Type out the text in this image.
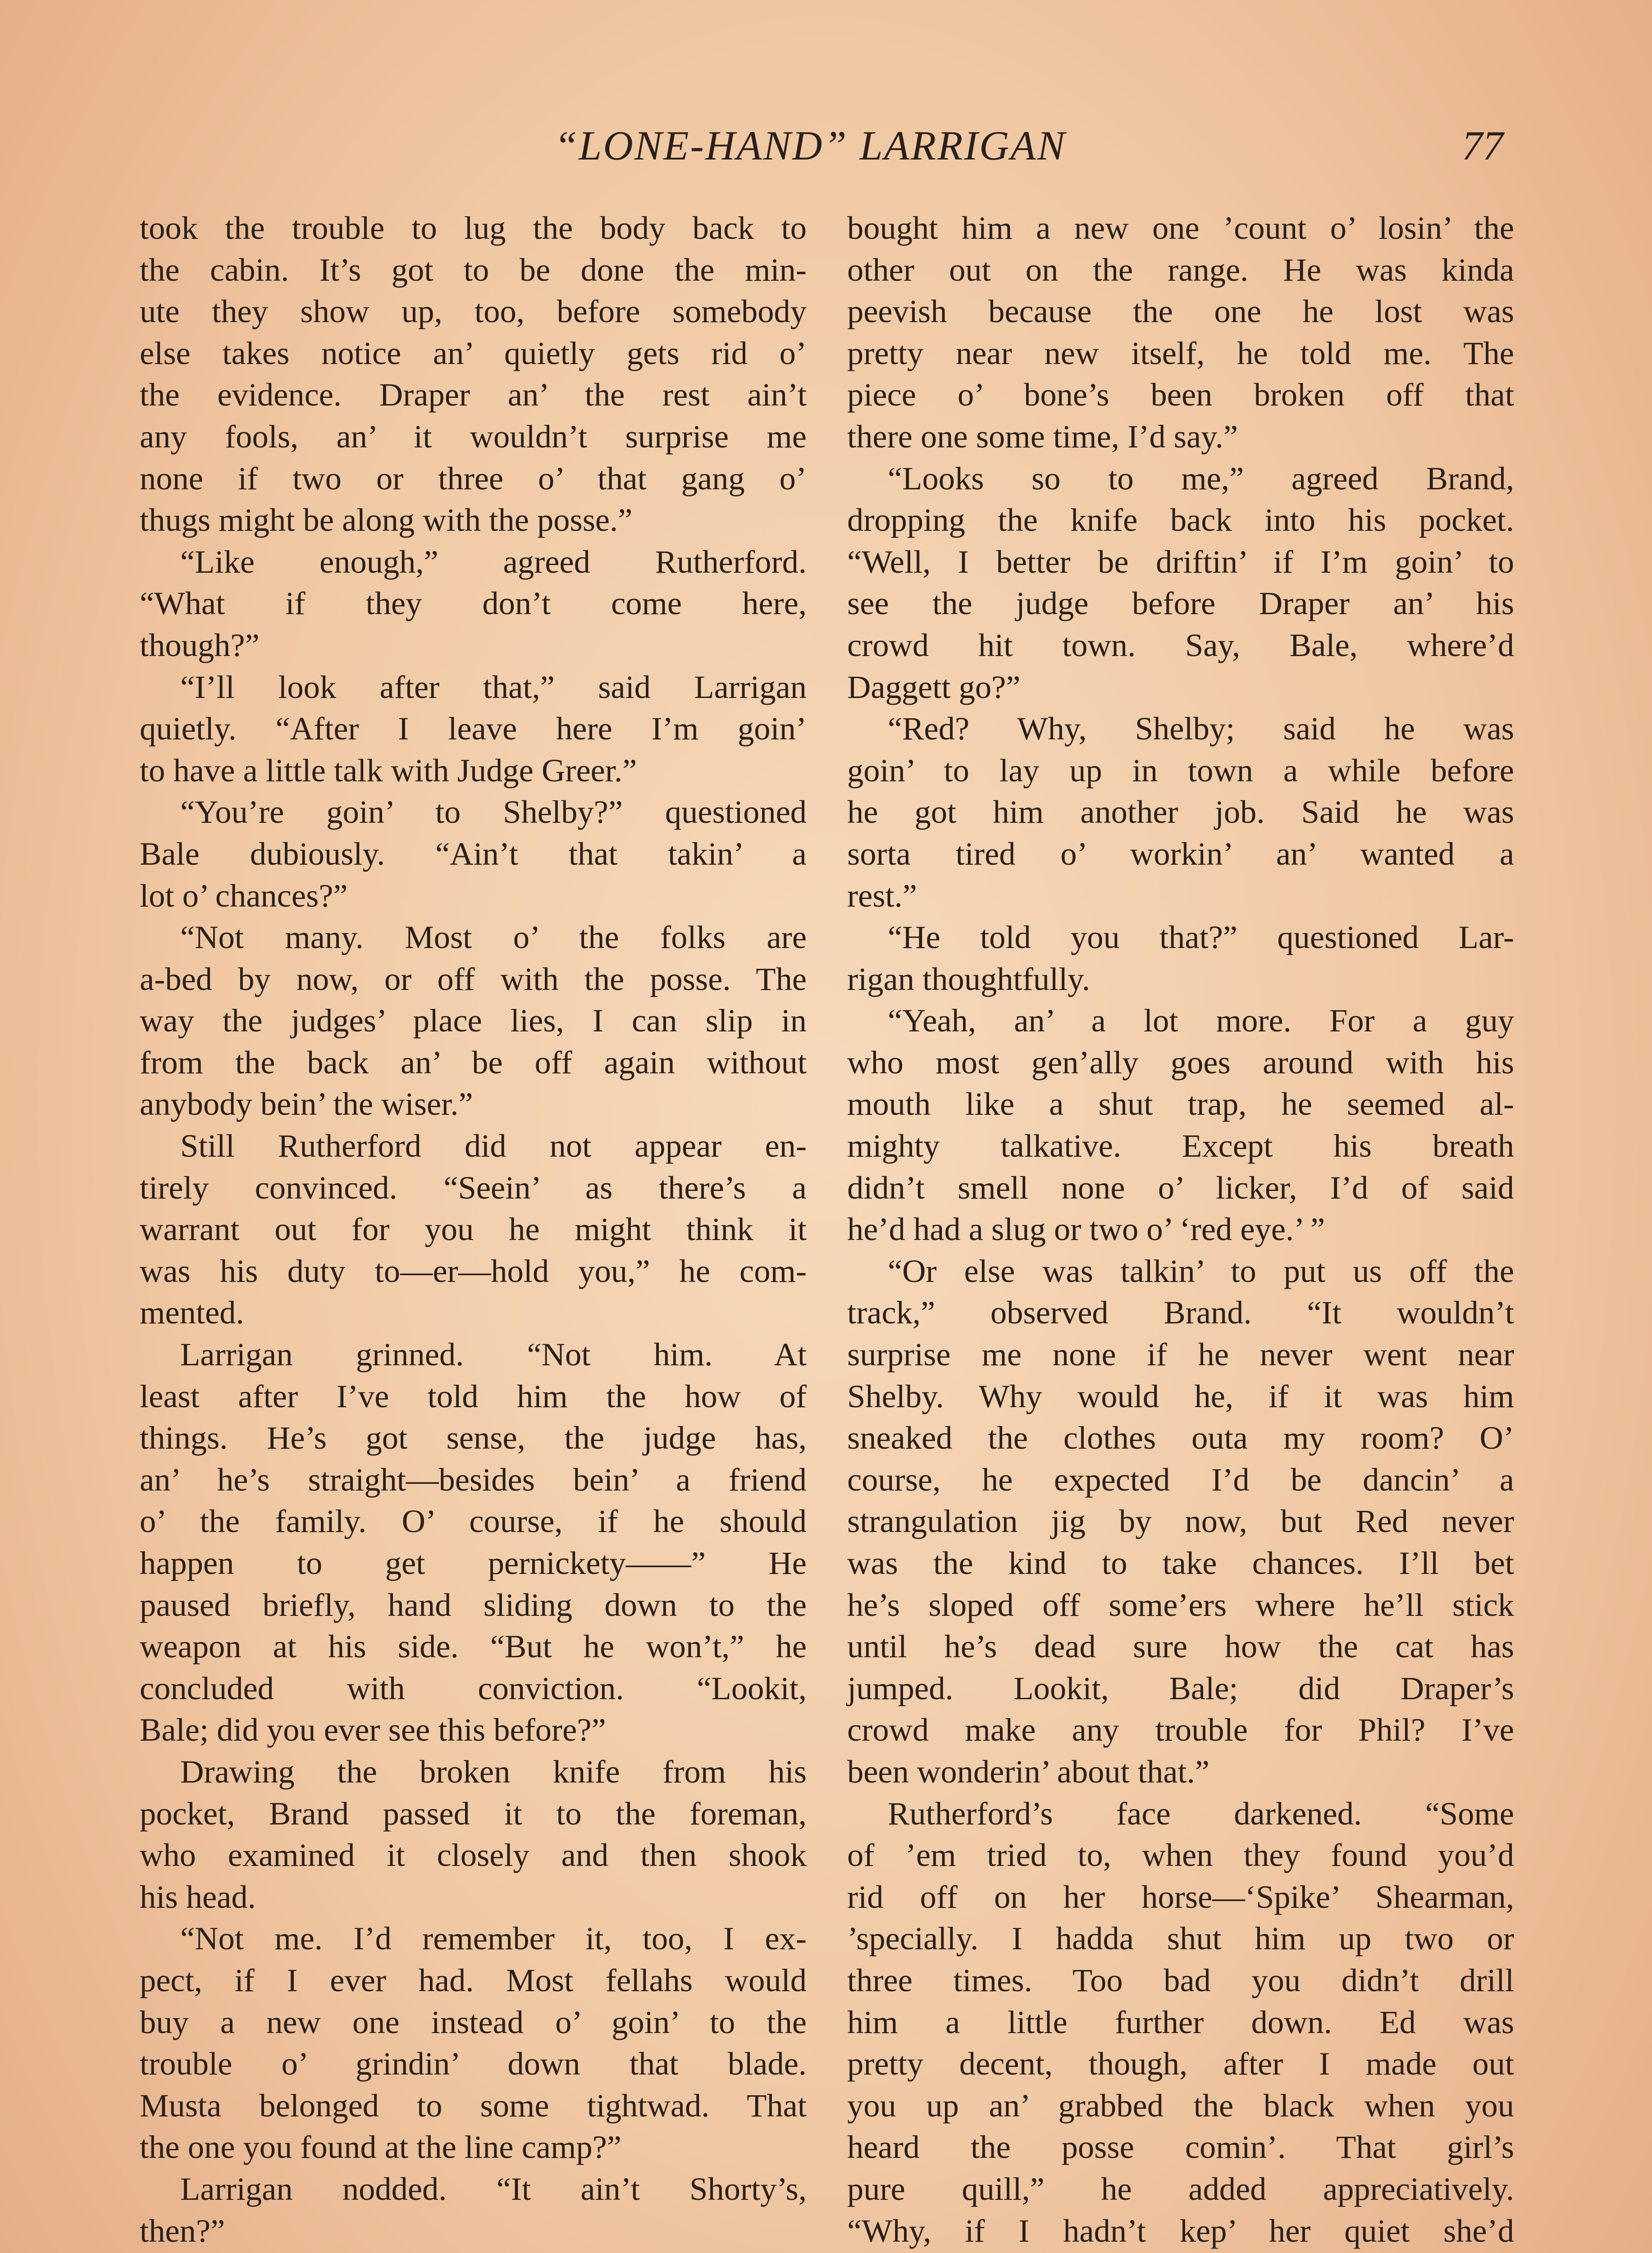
“LONE-HAND” LARRIGAN	77
took the trouble to lug the body back to
the cabin. It’s got to be done the min-
ute they show up, too, before somebody
else takes notice an’ quietly gets rid o’
the evidence. Draper an’ the rest ain’t
any fools, an’ it wouldn’t surprise me
none if two or three o’ that gang o’
thugs might be along with the posse.”
“Like enough,” agreed Rutherford.
“What if they don’t come here,
though?”
“I’ll look after that,” said Larrigan
quietly. “After I leave here I’m goin’
to have a little talk with Judge Greer.”
“You’re goin’ to Shelby?” questioned
Bale dubiously. “Ain’t that takin’ a
lot o’ chances?”
“Not many. Most o’ the folks are
a-bed by now, or off with the posse. The
way the judges’ place lies, I can slip in
from the back an’ be off again without
anybody bein’ the wiser.”
Still Rutherford did not appear en-
tirely convinced. “Seein’ as there’s a
warrant out for you he might think it
was his duty to—er—hold you,” he com-
mented.
Larrigan grinned. “Not him. At
least after I’ve told him the how of
things. He’s got sense, the judge has,
an’ he’s straight—besides bein’ a friend
o’ the family. O’ course, if he should
happen to get pernickety——” He
paused briefly, hand sliding down to the
weapon at his side. “But he won’t,” he
concluded with conviction. “Lookit,
Bale; did you ever see this before?”
Drawing the broken knife from his
pocket, Brand passed it to the foreman,
who examined it closely and then shook
his head.
“Not me. I’d remember it, too, I ex-
pect, if I ever had. Most fellahs would
buy a new one instead o’ goin’ to the
trouble o’ grindin’ down that blade.
Musta belonged to some tightwad. That
the one you found at the line camp?”
Larrigan nodded. “It ain’t Shorty’s,
then?”
bought him a new one ’count o’ losin’ the
other out on the range. He was kinda
peevish because the one he lost was
pretty near new itself, he told me. The
piece o’ bone’s been broken off that
there one some time, I’d say.”
“Looks so to me,” agreed Brand,
dropping the knife back into his pocket.
“Well, I better be driftin’ if I’m goin’ to
see the judge before Draper an’ his
crowd hit town. Say, Bale, where’d
Daggett go?”
“Red? Why, Shelby; said he was
goin’ to lay up in town a while before
he got him another job. Said he was
sorta tired o’ workin’ an’ wanted a
rest.”
“He told you that?” questioned Lar-
rigan thoughtfully.
“Yeah, an’ a lot more. For a guy
who most gen’ally goes around with his
mouth like a shut trap, he seemed al-
mighty talkative. Except his breath
didn’t smell none o’ licker, I’d of said
he’d had a slug or two o’ ‘red eye.’ ”
“Or else was talkin’ to put us off the
track,” observed Brand. “It wouldn’t
surprise me none if he never went near
Shelby. Why would he, if it was him
sneaked the clothes outa my room? O’
course, he expected I’d be dancin’ a
strangulation jig by now, but Red never
was the kind to take chances. I’ll bet
he’s sloped off some’ers where he’ll stick
until he’s dead sure how the cat has
jumped. Lookit, Bale; did Draper’s
crowd make any trouble for Phil? I’ve
been wonderin’ about that.”
Rutherford’s face darkened. “Some
of ’em tried to, when they found you’d
rid off on her horse—‘Spike’ Shearman,
’specially. I hadda shut him up two or
three times. Too bad you didn’t drill
him a little further down. Ed was
pretty decent, though, after I made out
you up an’ grabbed the black when you
heard the posse comin’. That girl’s
pure quill,” he added appreciatively.
“Why, if I hadn’t kep’ her quiet she’d
